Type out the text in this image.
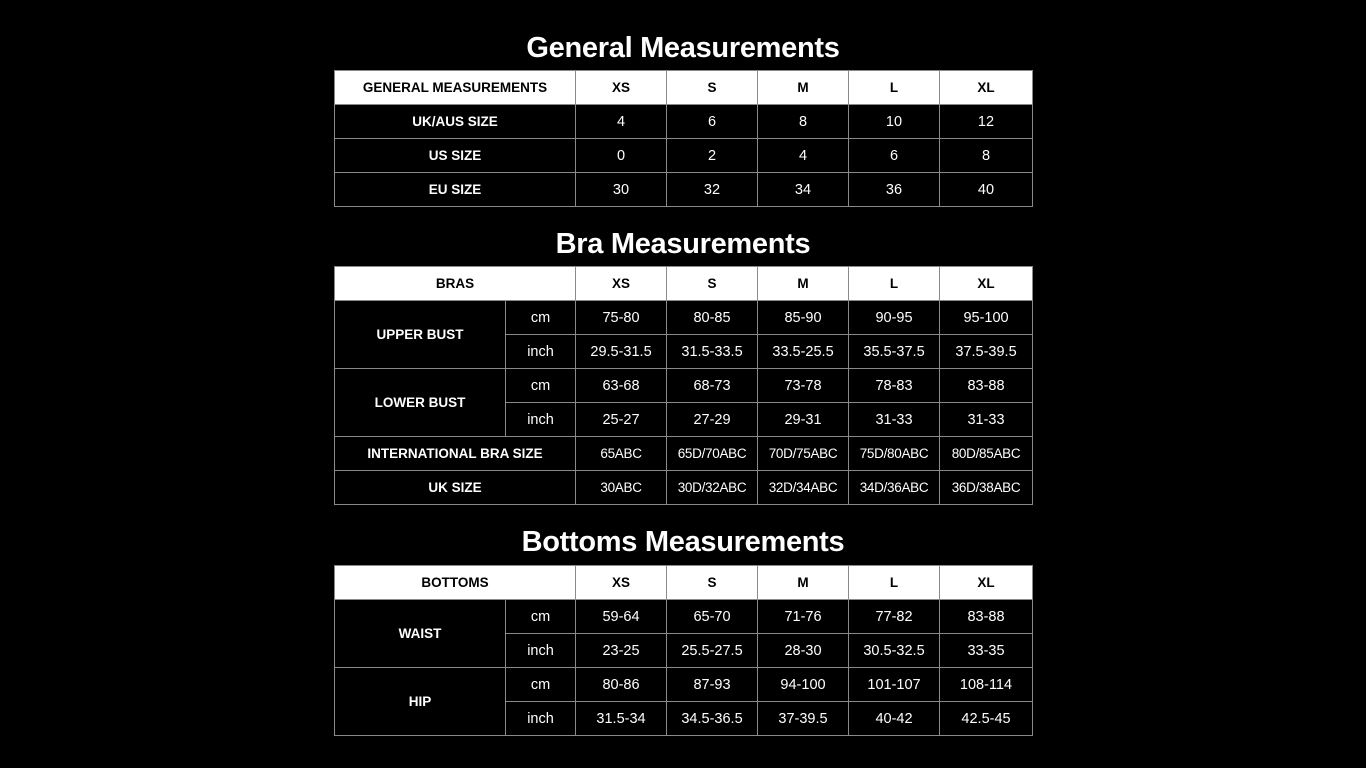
General Measurements
GENERAL MEASUREMENTS	XS	S	M	L	XL
UK/AUS SIZE	4	6	8	10	12
US SIZE	0	2	4	6	8
EU SIZE	30	32	34	36	40
Bra Measurements
BRAS		XS	S	M	L	XL
UPPER BUST	cm	75-80	80-85	85-90	90-95	95-100
	inch	29.5-31.5	31.5-33.5	33.5-25.5	35.5-37.5	37.5-39.5
LOWER BUST	cm	63-68	68-73	73-78	78-83	83-88
	inch	25-27	27-29	29-31	31-33	31-33
INTERNATIONAL BRA SIZE		65ABC	65D/70ABC	70D/75ABC	75D/80ABC	80D/85ABC
UK SIZE		30ABC	30D/32ABC	32D/34ABC	34D/36ABC	36D/38ABC
Bottoms Measurements
BOTTOMS		XS	S	M	L	XL
WAIST	cm	59-64	65-70	71-76	77-82	83-88
	inch	23-25	25.5-27.5	28-30	30.5-32.5	33-35
HIP	cm	80-86	87-93	94-100	101-107	108-114
	inch	31.5-34	34.5-36.5	37-39.5	40-42	42.5-45
